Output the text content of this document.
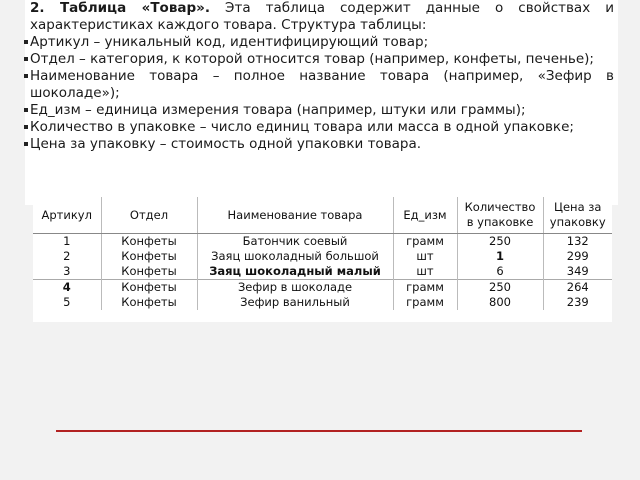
2. Таблица «Товар». Эта таблица содержит данные о свойствах и характеристиках каждого товара. Структура таблицы:

Артикул – уникальный код, идентифицирующий товар;
Отдел – категория, к которой относится товар (например, конфеты, печенье);
Наименование товара – полное название товара (например, «Зефир в шоколаде»);
Ед_изм – единица измерения товара (например, штуки или граммы);
Количество в упаковке – число единиц товара или масса в одной упаковке;
Цена за упаковку – стоимость одной упаковки товара.
Артикул	Отдел	Наименование товара	Ед_изм	Количество в упаковке	Цена за упаковку
1	Конфеты	Батончик соевый	грамм	250	132
2	Конфеты	Заяц шоколадный большой	шт	1	299
3	Конфеты	Заяц шоколадный малый	шт	6	349
4	Конфеты	Зефир в шоколаде	грамм	250	264
5	Конфеты	Зефир ванильный	грамм	800	239
